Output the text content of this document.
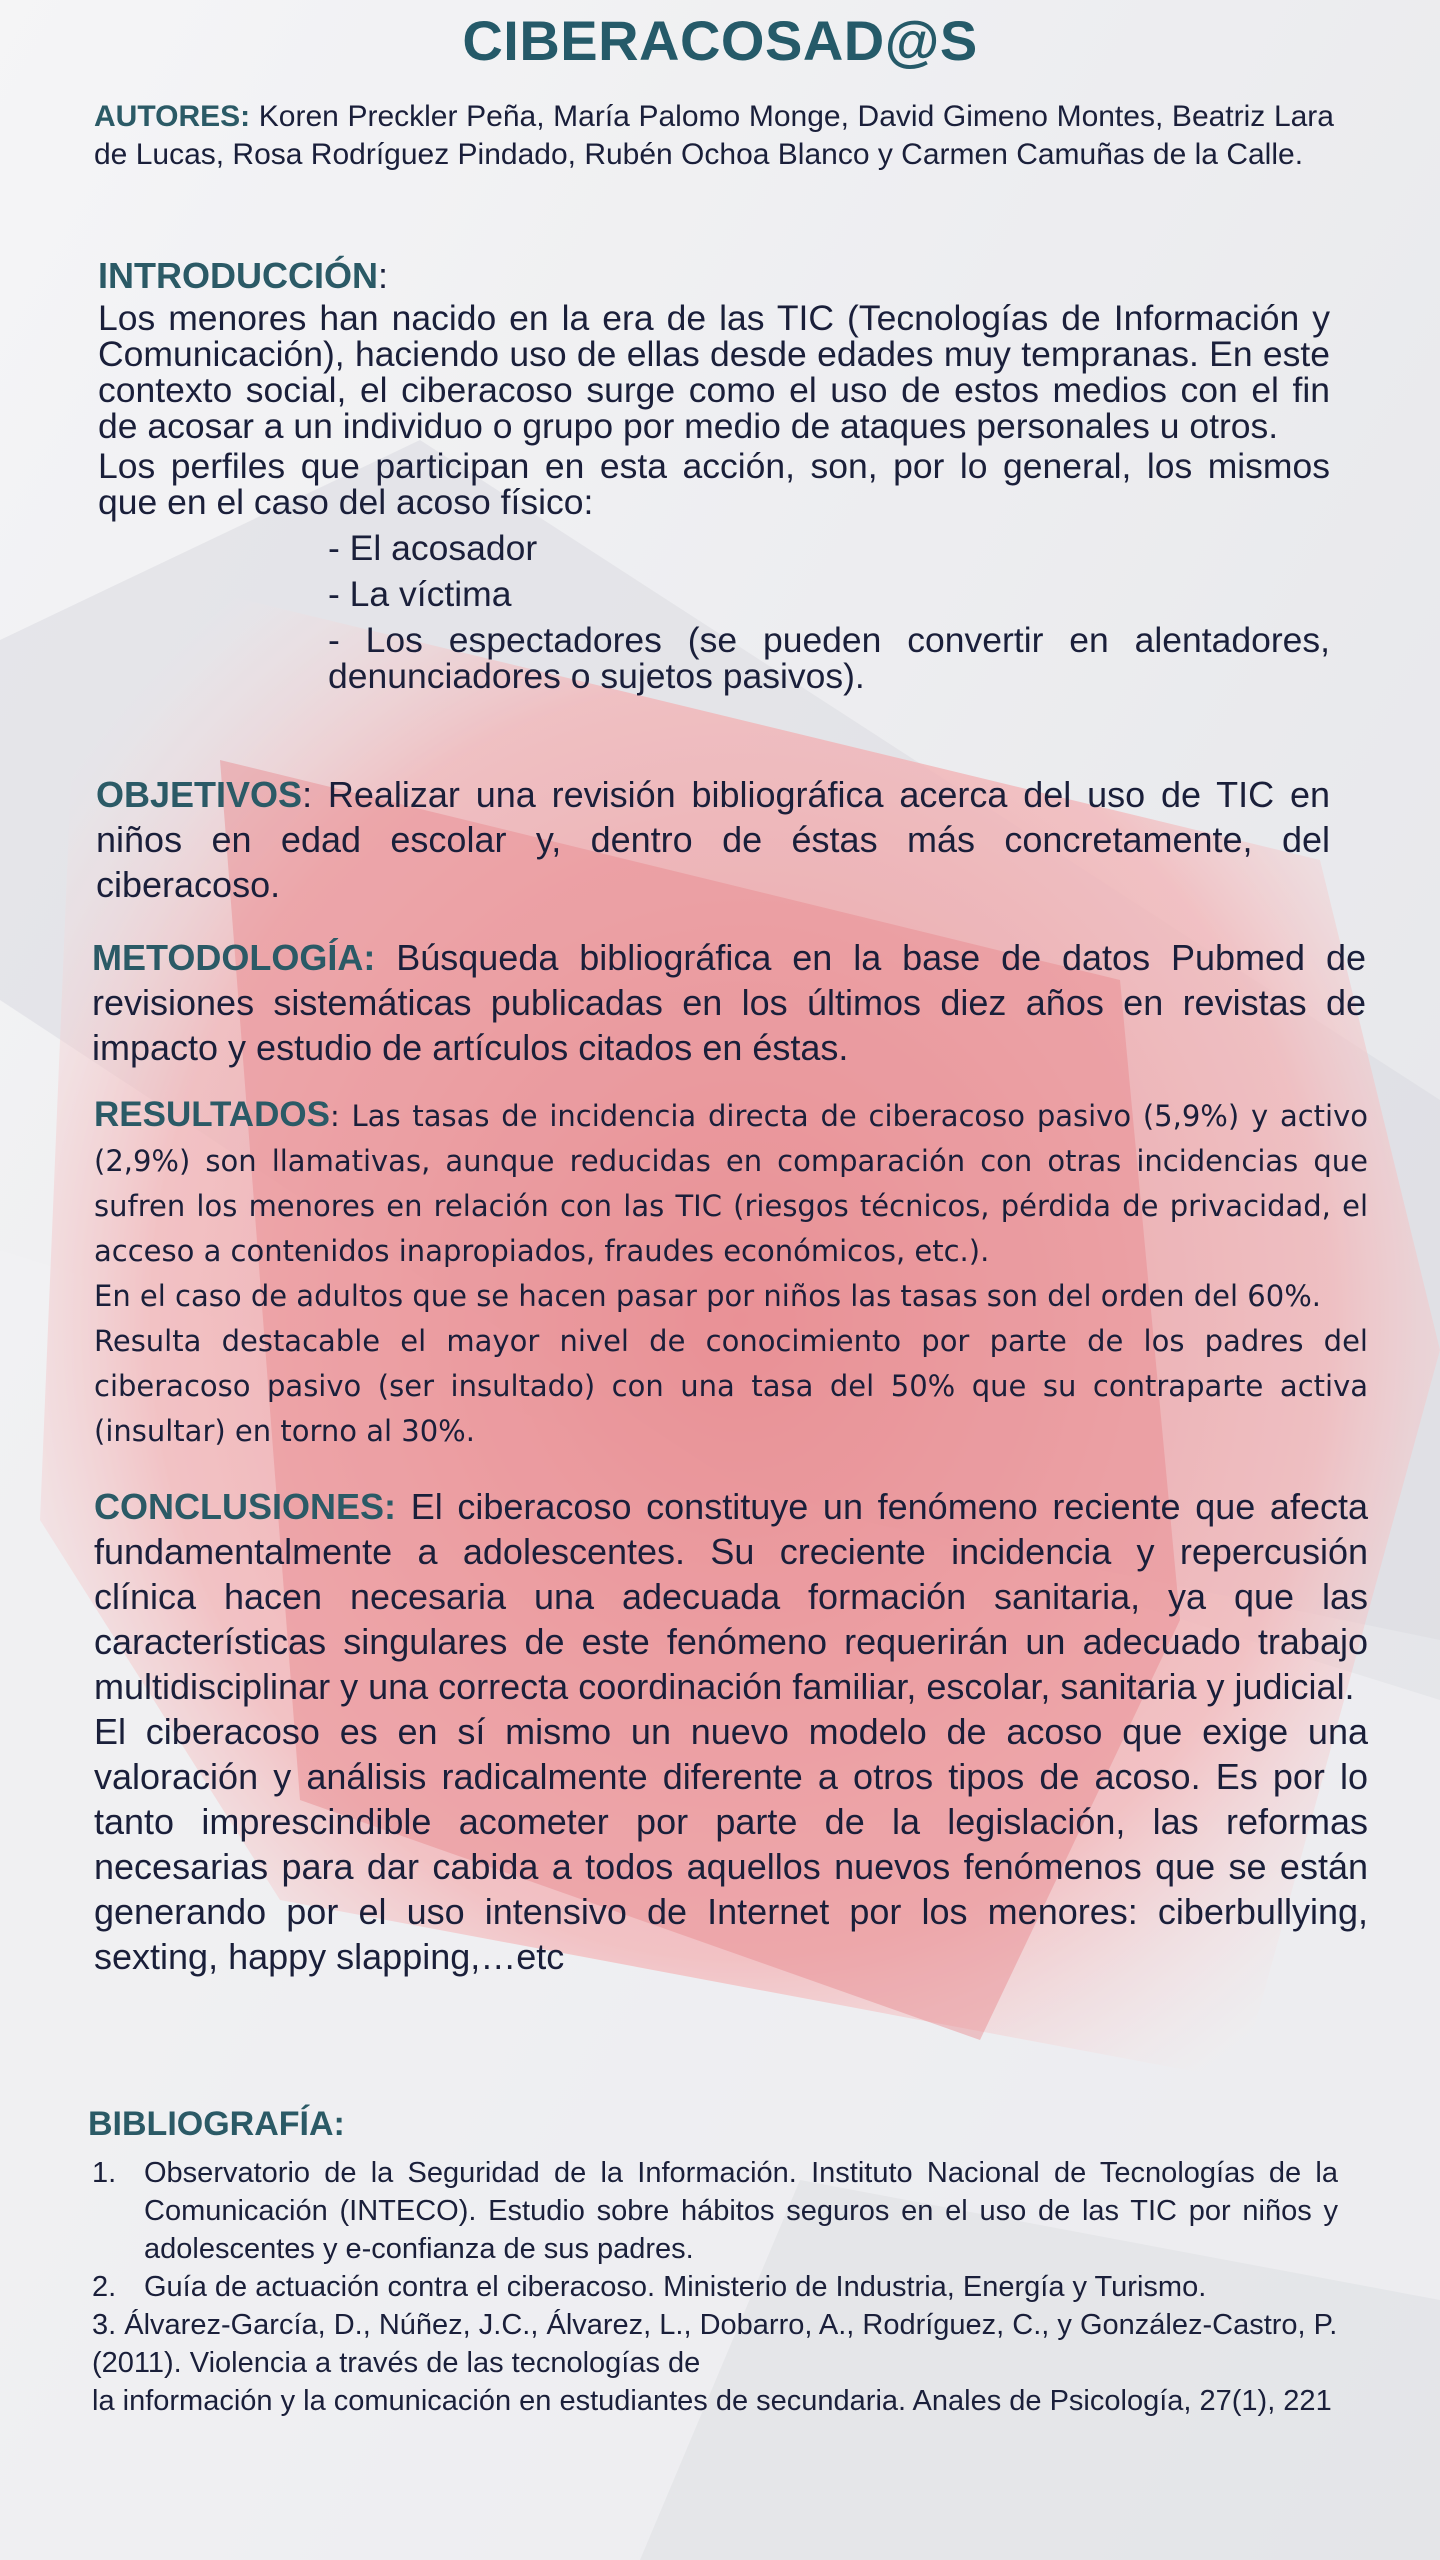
CIBERACOSAD@S

AUTORES: Koren Preckler Peña, María Palomo Monge, David Gimeno Montes, Beatriz Lara de Lucas, Rosa Rodríguez Pindado, Rubén Ochoa Blanco y Carmen Camuñas de la Calle.

INTRODUCCIÓN:

Los menores han nacido en la era de las TIC (Tecnologías de Información y Comunicación), haciendo uso de ellas desde edades muy tempranas. En este contexto social, el ciberacoso surge como el uso de estos medios con el fin de acosar a un individuo o grupo por medio de ataques personales u otros.

Los perfiles que participan en esta acción, son, por lo general, los mismos que en el caso del acoso físico:

- El acosador
- La víctima
- Los espectadores (se pueden convertir en alentadores, denunciadores o sujetos pasivos).

OBJETIVOS: Realizar una revisión bibliográfica acerca del uso de TIC en niños en edad escolar y, dentro de éstas más concretamente, del ciberacoso.

METODOLOGÍA: Búsqueda bibliográfica en la base de datos Pubmed de revisiones sistemáticas publicadas en los últimos diez años en revistas de impacto y estudio de artículos citados en éstas.

RESULTADOS: Las tasas de incidencia directa de ciberacoso pasivo (5,9%) y activo (2,9%) son llamativas, aunque reducidas en comparación con otras incidencias que sufren los menores en relación con las TIC (riesgos técnicos, pérdida de privacidad, el acceso a contenidos inapropiados, fraudes económicos, etc.).

En el caso de adultos que se hacen pasar por niños las tasas son del orden del 60%.

Resulta destacable el mayor nivel de conocimiento por parte de los padres del ciberacoso pasivo (ser insultado) con una tasa del 50% que su contraparte activa (insultar) en torno al 30%.

CONCLUSIONES: El ciberacoso constituye un fenómeno reciente que afecta fundamentalmente a adolescentes. Su creciente incidencia y repercusión clínica hacen necesaria una adecuada formación sanitaria, ya que las características singulares de este fenómeno requerirán un adecuado trabajo multidisciplinar y una correcta coordinación familiar, escolar, sanitaria y judicial.

El ciberacoso es en sí mismo un nuevo modelo de acoso que exige una valoración y análisis radicalmente diferente a otros tipos de acoso. Es por lo tanto imprescindible acometer por parte de la legislación, las reformas necesarias para dar cabida a todos aquellos nuevos fenómenos que se están generando por el uso intensivo de Internet por los menores: ciberbullying, sexting, happy slapping,…etc

BIBLIOGRAFÍA:

1. Observatorio de la Seguridad de la Información. Instituto Nacional de Tecnologías de la Comunicación (INTECO). Estudio sobre hábitos seguros en el uso de las TIC por niños y adolescentes y e-confianza de sus padres.
2. Guía de actuación contra el ciberacoso. Ministerio de Industria, Energía y Turismo.
3. Álvarez-García, D., Núñez, J.C., Álvarez, L., Dobarro, A., Rodríguez, C., y González-Castro, P. (2011). Violencia a través de las tecnologías de
la información y la comunicación en estudiantes de secundaria. Anales de Psicología, 27(1), 221
